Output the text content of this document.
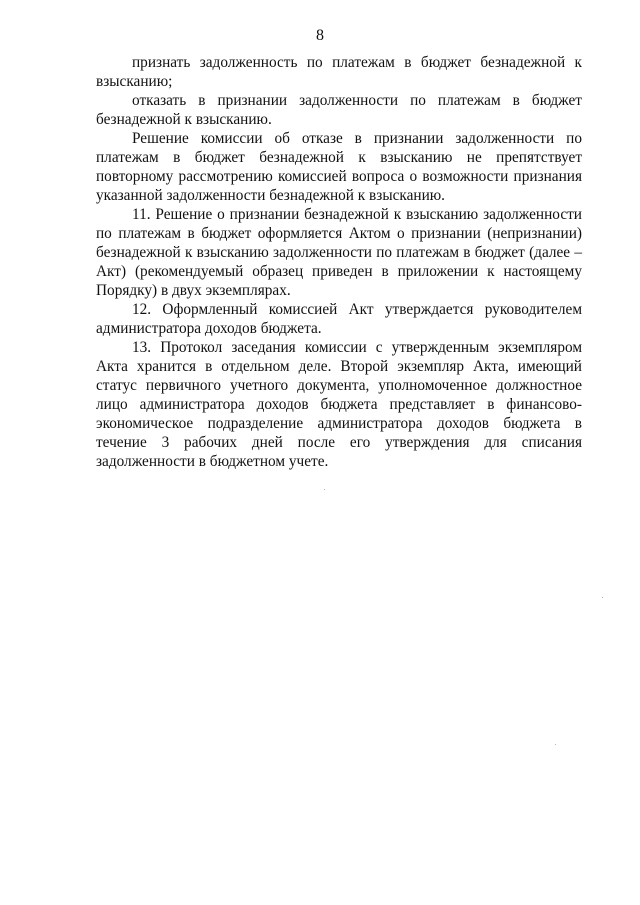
8

признать задолженность по платежам в бюджет безнадежной к взысканию;

отказать в признании задолженности по платежам в бюджет безнадежной к взысканию.

Решение комиссии об отказе в признании задолженности по платежам в бюджет безнадежной к взысканию не препятствует повторному рассмотрению комиссией вопроса о возможности признания указанной задолженности безнадежной к взысканию.

11. Решение о признании безнадежной к взысканию задолженности по платежам в бюджет оформляется Актом о признании (непризнании) безнадежной к взысканию задолженности по платежам в бюджет (далее – Акт) (рекомендуемый образец приведен в приложении к настоящему Порядку) в двух экземплярах.

12. Оформленный комиссией Акт утверждается руководителем администратора доходов бюджета.

13. Протокол заседания комиссии с утвержденным экземпляром Акта хранится в отдельном деле. Второй экземпляр Акта, имеющий статус первичного учетного документа, уполномоченное должностное лицо администратора доходов бюджета представляет в финансово-экономическое подразделение администратора доходов бюджета в течение 3 рабочих дней после его утверждения для списания задолженности в бюджетном учете.
